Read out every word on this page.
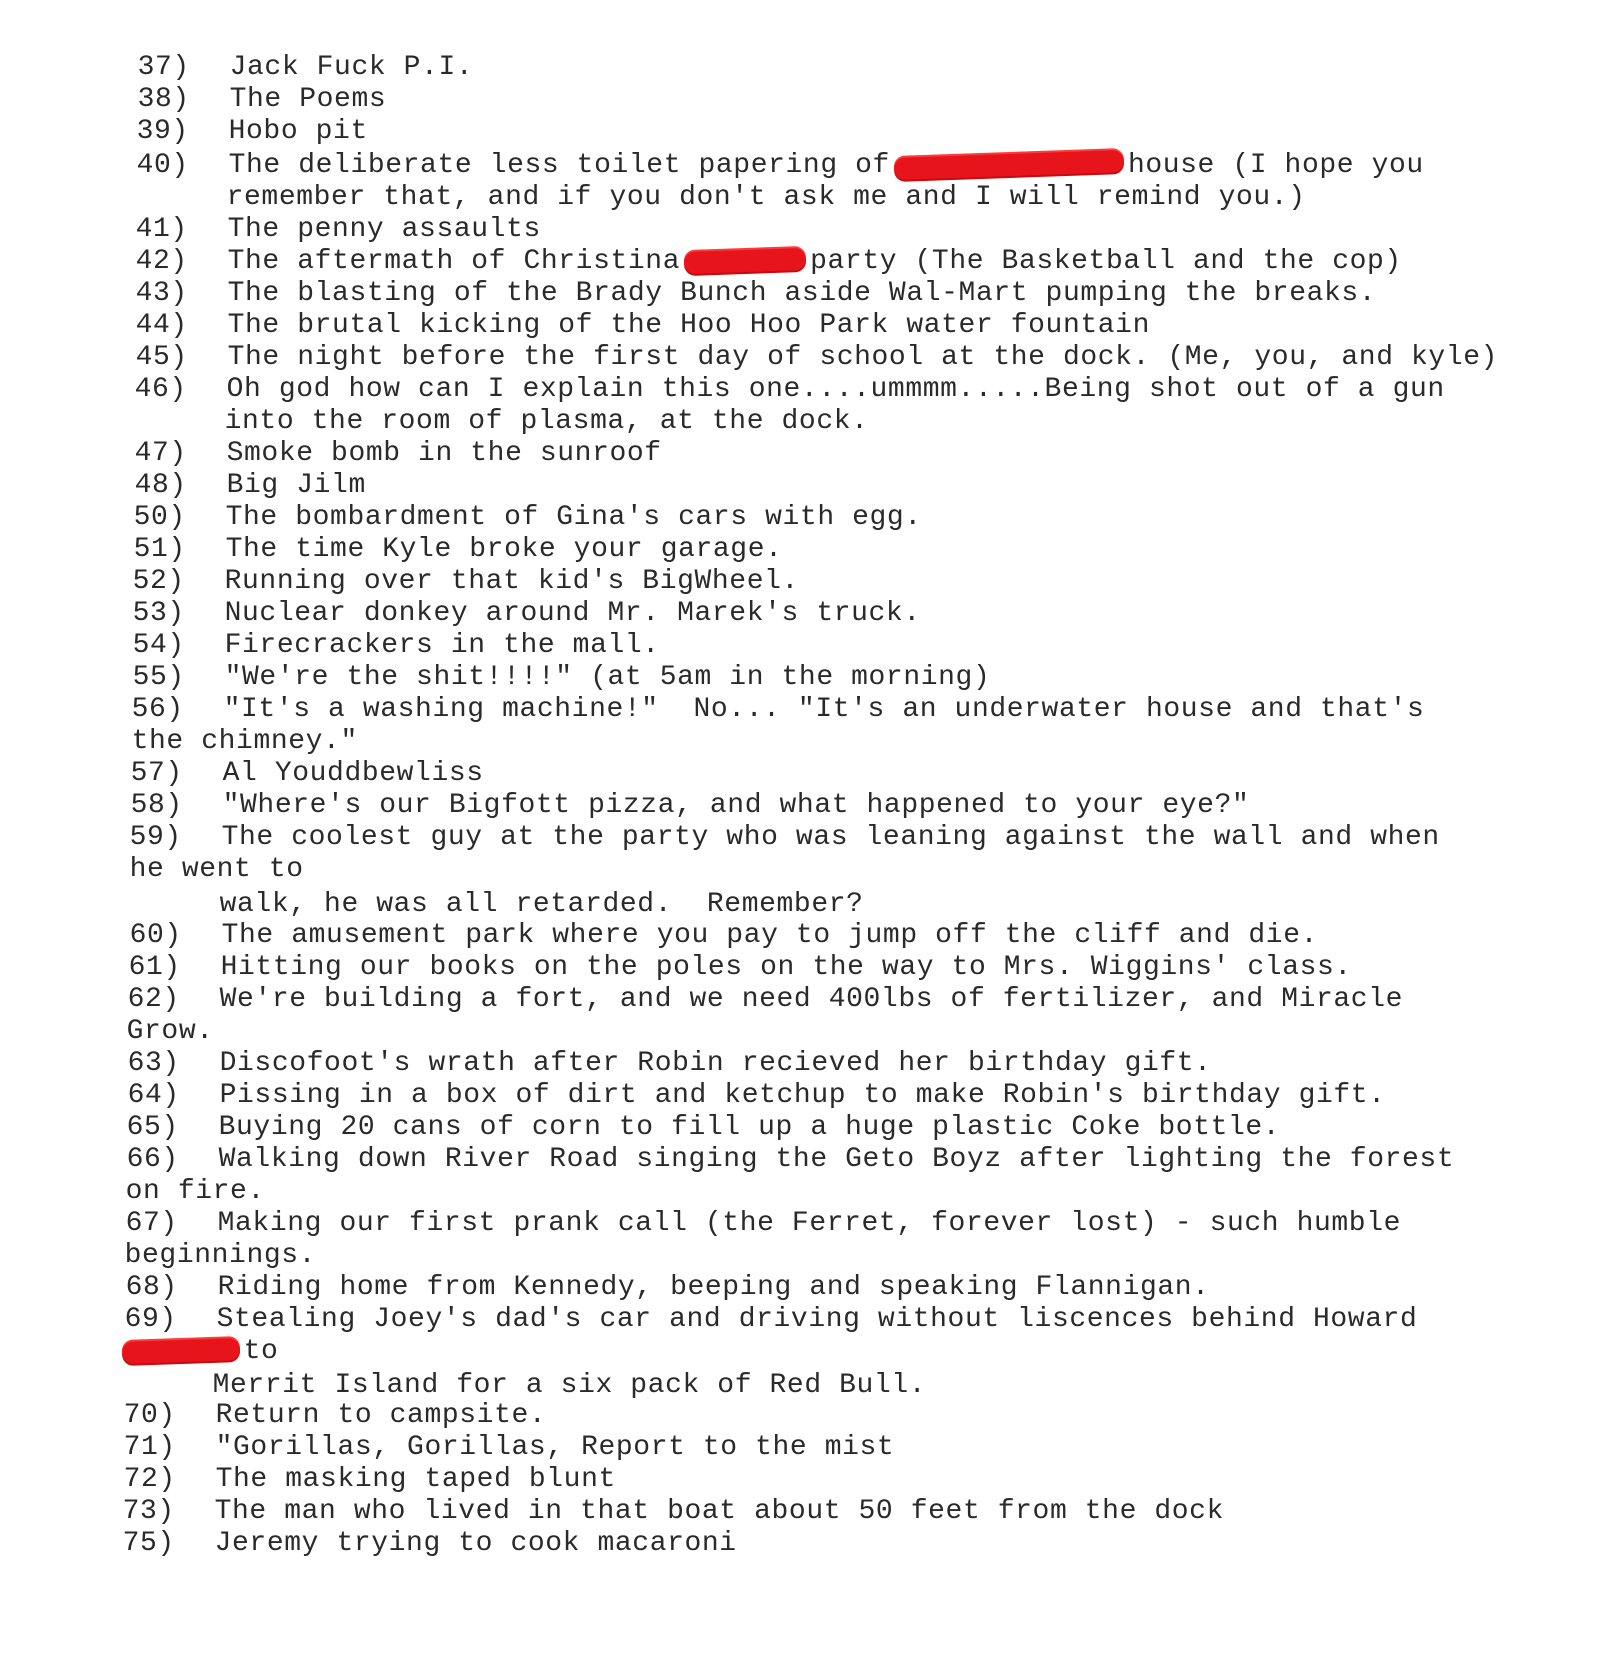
37) Jack Fuck P.I.

38) The Poems

39) Hobo pit

40) The deliberate less toilet papering of	house (I hope you

remember that, and if you don't ask me and I will remind you.)

41) The penny assaults

42) The aftermath of Christina	party (The Basketball and the cop)

43) The blasting of the Brady Bunch aside Wal-Mart pumping the breaks.

44) The brutal kicking of the Hoo Hoo Park water fountain

45) The night before the first day of school at the dock. (Me, you, and kyle)

46) Oh god how can I explain this one....ummmm.....Being shot out of a gun

into the room of plasma, at the dock.

47) Smoke bomb in the sunroof

48) Big Jilm

50) The bombardment of Gina's cars with egg.

51) The time Kyle broke your garage.

52) Running over that kid's BigWheel.

53) Nuclear donkey around Mr. Marek's truck.

54) Firecrackers in the mall.

55) "We're the shit!!!!" (at 5am in the morning)

56) "It's a washing machine!"  No... "It's an underwater house and that's

the chimney."

57) Al Youddbewliss

58) "Where's our Bigfott pizza, and what happened to your eye?"

59) The coolest guy at the party who was leaning against the wall and when

he went to

walk, he was all retarded.  Remember?

60) The amusement park where you pay to jump off the cliff and die.

61) Hitting our books on the poles on the way to Mrs. Wiggins' class.

62) We're building a fort, and we need 400lbs of fertilizer, and Miracle

Grow.

63) Discofoot's wrath after Robin recieved her birthday gift.

64) Pissing in a box of dirt and ketchup to make Robin's birthday gift.

65) Buying 20 cans of corn to fill up a huge plastic Coke bottle.

66) Walking down River Road singing the Geto Boyz after lighting the forest

on fire.

67) Making our first prank call (the Ferret, forever lost) - such humble

beginnings.

68) Riding home from Kennedy, beeping and speaking Flannigan.

69) Stealing Joey's dad's car and driving without liscences behind Howard

to

Merrit Island for a six pack of Red Bull.

70) Return to campsite.

71) "Gorillas, Gorillas, Report to the mist

72) The masking taped blunt

73) The man who lived in that boat about 50 feet from the dock

75) Jeremy trying to cook macaroni
